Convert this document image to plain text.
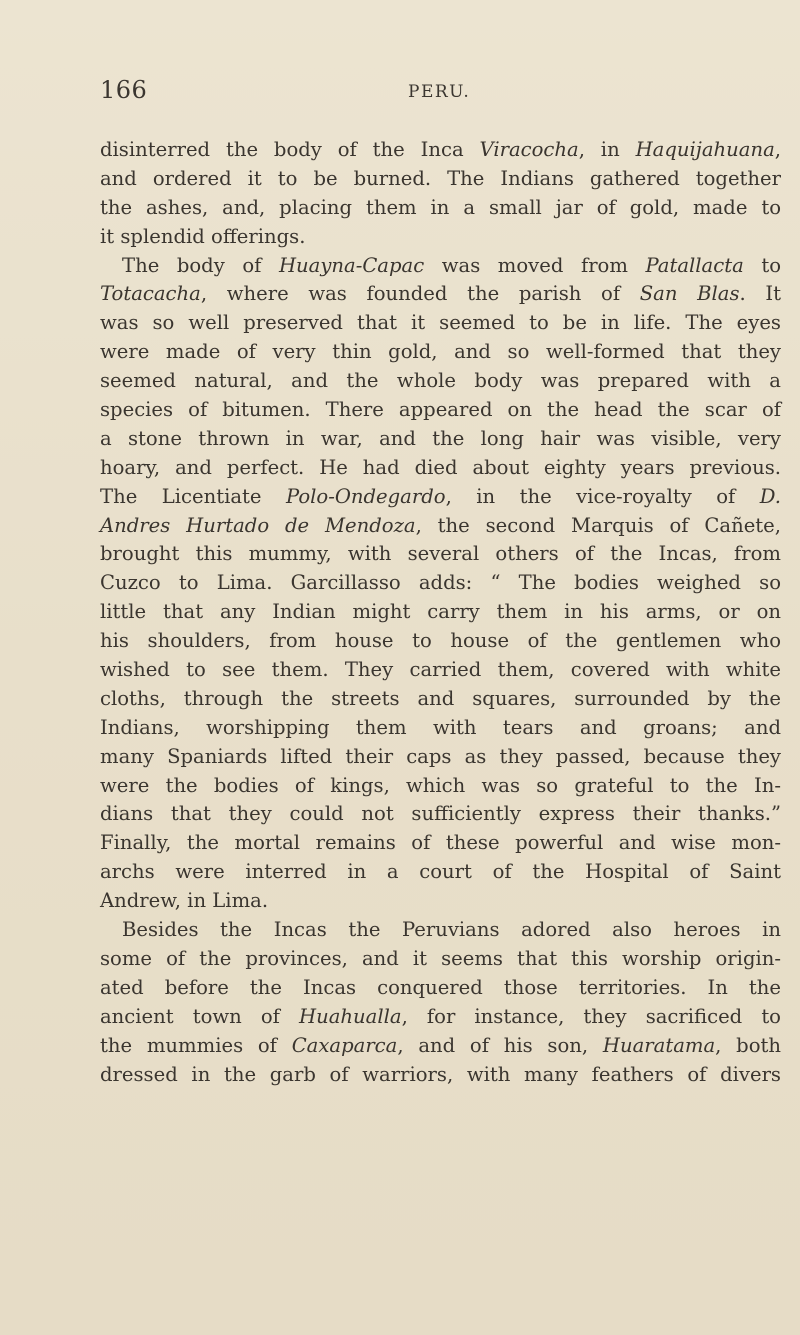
166	PERU.
disinterred the body of the Inca Viracocha, in Haquijahuana,
and ordered it to be burned. The Indians gathered together
the ashes, and, placing them in a small jar of gold, made to
it splendid offerings.
The body of Huayna-Capac was moved from Patallacta to
Totacacha, where was founded the parish of San Blas. It
was so well preserved that it seemed to be in life. The eyes
were made of very thin gold, and so well-formed that they
seemed natural, and the whole body was prepared with a
species of bitumen. There appeared on the head the scar of
a stone thrown in war, and the long hair was visible, very
hoary, and perfect. He had died about eighty years previous.
The Licentiate Polo-Ondegardo, in the vice-royalty of D.
Andres Hurtado de Mendoza, the second Marquis of Cañete,
brought this mummy, with several others of the Incas, from
Cuzco to Lima. Garcillasso adds: “ The bodies weighed so
little that any Indian might carry them in his arms, or on
his shoulders, from house to house of the gentlemen who
wished to see them. They carried them, covered with white
cloths, through the streets and squares, surrounded by the
Indians, worshipping them with tears and groans; and
many Spaniards lifted their caps as they passed, because they
were the bodies of kings, which was so grateful to the In-
dians that they could not sufficiently express their thanks.”
Finally, the mortal remains of these powerful and wise mon-
archs were interred in a court of the Hospital of Saint
Andrew, in Lima.
Besides the Incas the Peruvians adored also heroes in
some of the provinces, and it seems that this worship origin-
ated before the Incas conquered those territories. In the
ancient town of Huahualla, for instance, they sacrificed to
the mummies of Caxaparca, and of his son, Huaratama, both
dressed in the garb of warriors, with many feathers of divers
